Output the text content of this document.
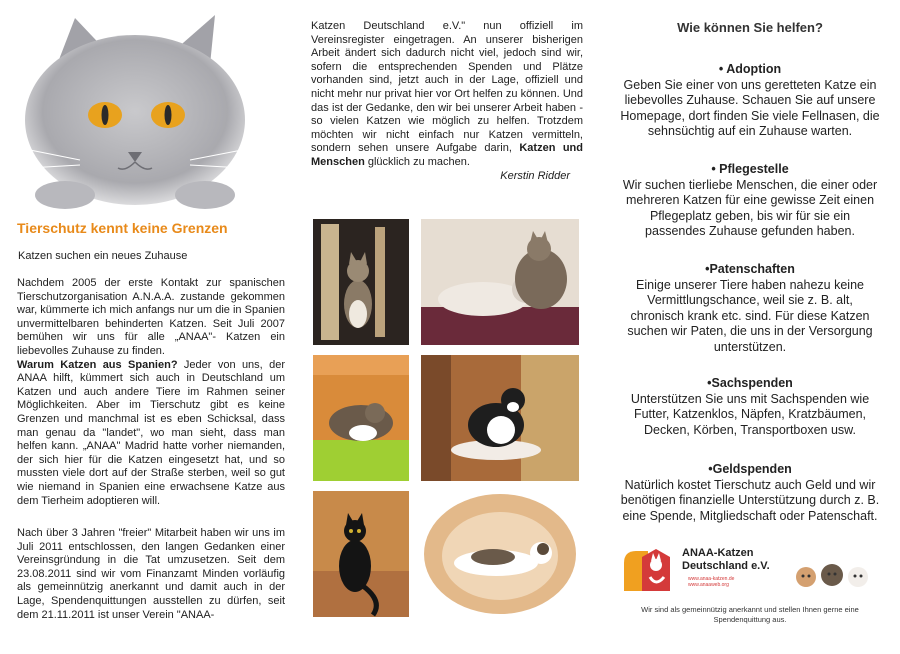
Tierschutz kennt keine Grenzen
Katzen suchen ein neues Zuhause
Nachdem 2005 der erste Kontakt zur spanischen Tierschutzorganisation A.N.A.A. zustande gekommen war, kümmerte ich mich anfangs nur um die in Spanien unvermittelbaren behinderten Katzen. Seit Juli 2007 bemühen wir uns für alle „ANAA"- Katzen ein liebevolles Zuhause zu finden.
Warum Katzen aus Spanien? Jeder von uns, der ANAA hilft, kümmert sich auch in Deutschland um Katzen und auch andere Tiere im Rahmen seiner Möglichkeiten. Aber im Tierschutz gibt es keine Grenzen und manchmal ist es eben Schicksal, dass man genau da "landet", wo man sieht, dass man helfen kann. „ANAA" Madrid hatte vorher niemanden, der sich hier für die Katzen eingesetzt hat, und so mussten viele dort auf der Straße sterben, weil so gut wie niemand in Spanien eine erwachsene Katze aus dem Tierheim adoptieren will.
Nach über 3 Jahren "freier" Mitarbeit haben wir uns im Juli 2011 entschlossen, den langen Gedanken einer Vereinsgründung in die Tat umzusetzen. Seit dem 23.08.2011 sind wir vom Finanzamt Minden vorläufig als gemeinnützig anerkannt und damit auch in der Lage, Spendenquittungen ausstellen zu dürfen, seit dem 21.11.2011 ist unser Verein "ANAA-
Katzen Deutschland e.V." nun offiziell im Vereinsregister eingetragen. An unserer bisherigen Arbeit ändert sich dadurch nicht viel, jedoch sind wir, sofern die entsprechenden Spenden und Plätze vorhanden sind, jetzt auch in der Lage, offiziell und nicht mehr nur privat hier vor Ort helfen zu können. Und das ist der Gedanke, den wir bei unserer Arbeit haben - so vielen Katzen wie möglich zu helfen. Trotzdem möchten wir nicht einfach nur Katzen vermitteln, sondern sehen unsere Aufgabe darin, Katzen und Menschen glücklich zu machen.
Kerstin Ridder
Wie können Sie helfen?
• Adoption
Geben Sie einer von uns geretteten Katze ein liebevolles Zuhause. Schauen Sie auf unsere Homepage, dort finden Sie viele Fellnasen, die sehnsüchtig auf ein Zuhause warten.
• Pflegestelle
Wir suchen tierliebe Menschen, die einer oder mehreren Katzen für eine gewisse Zeit einen Pflegeplatz geben, bis wir für sie ein passendes Zuhause gefunden haben.
•Patenschaften
Einige unserer Tiere haben nahezu keine Vermittlungschance, weil sie z. B. alt, chronisch krank etc. sind. Für diese Katzen suchen wir Paten, die uns in der Versorgung unterstützen.
•Sachspenden
Unterstützen Sie uns mit Sachspenden wie Futter, Katzenklos, Näpfen, Kratzbäumen, Decken, Körben, Transportboxen usw.
•Geldspenden
Natürlich kostet Tierschutz auch Geld und wir benötigen finanzielle Unterstützung durch z. B. eine Spende, Mitgliedschaft oder Patenschaft.
ANAA-Katzen
Deutschland e.V.
www.anaa-katzen.de
www.anaaweb.org
Wir sind als gemeinnützig anerkannt und stellen Ihnen gerne eine Spendenquittung aus.
